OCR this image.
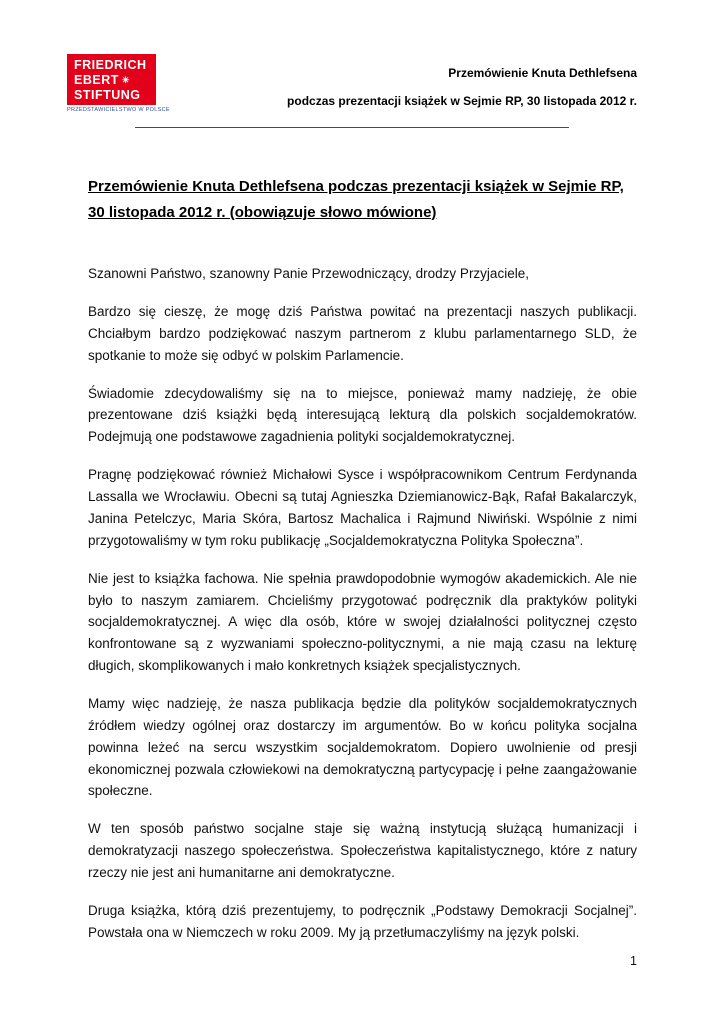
FRIEDRICH
EBERT ✳
STIFTUNG
PRZEDSTAWICIELSTWO W POLSCE
Przemówienie Knuta Dethlefsena
podczas prezentacji książek w Sejmie RP, 30 listopada 2012 r.
Przemówienie Knuta Dethlefsena podczas prezentacji książek w Sejmie RP, 30 listopada 2012 r. (obowiązuje słowo mówione)

Szanowni Państwo, szanowny Panie Przewodniczący, drodzy Przyjaciele,

Bardzo się cieszę, że mogę dziś Państwa powitać na prezentacji naszych publikacji. Chciałbym bardzo podziękować naszym partnerom z klubu parlamentarnego SLD, że spotkanie to może się odbyć w polskim Parlamencie.

Świadomie zdecydowaliśmy się na to miejsce, ponieważ mamy nadzieję, że obie prezentowane dziś książki będą interesującą lekturą dla polskich socjaldemokratów. Podejmują one podstawowe zagadnienia polityki socjaldemokratycznej.

Pragnę podziękować również Michałowi Sysce i współpracownikom Centrum Ferdynanda Lassalla we Wrocławiu. Obecni są tutaj Agnieszka Dziemianowicz-Bąk, Rafał Bakalarczyk, Janina Petelczyc, Maria Skóra, Bartosz Machalica i Rajmund Niwiński. Wspólnie z nimi przygotowaliśmy w tym roku publikację „Socjaldemokratyczna Polityka Społeczna”.

Nie jest to książka fachowa. Nie spełnia prawdopodobnie wymogów akademickich. Ale nie było to naszym zamiarem. Chcieliśmy przygotować podręcznik dla praktyków polityki socjaldemokratycznej. A więc dla osób, które w swojej działalności politycznej często konfrontowane są z wyzwaniami społeczno-politycznymi, a nie mają czasu na lekturę długich, skomplikowanych i mało konkretnych książek specjalistycznych.

Mamy więc nadzieję, że nasza publikacja będzie dla polityków socjaldemokratycznych źródłem wiedzy ogólnej oraz dostarczy im argumentów. Bo w końcu polityka socjalna powinna leżeć na sercu wszystkim socjaldemokratom. Dopiero uwolnienie od presji ekonomicznej pozwala człowiekowi na demokratyczną partycypację i pełne zaangażowanie społeczne.

W ten sposób państwo socjalne staje się ważną instytucją służącą humanizacji i demokratyzacji naszego społeczeństwa. Społeczeństwa kapitalistycznego, które z natury rzeczy nie jest ani humanitarne ani demokratyczne.

Druga książka, którą dziś prezentujemy, to podręcznik „Podstawy Demokracji Socjalnej”. Powstała ona w Niemczech w roku 2009. My ją przetłumaczyliśmy na język polski.

1
